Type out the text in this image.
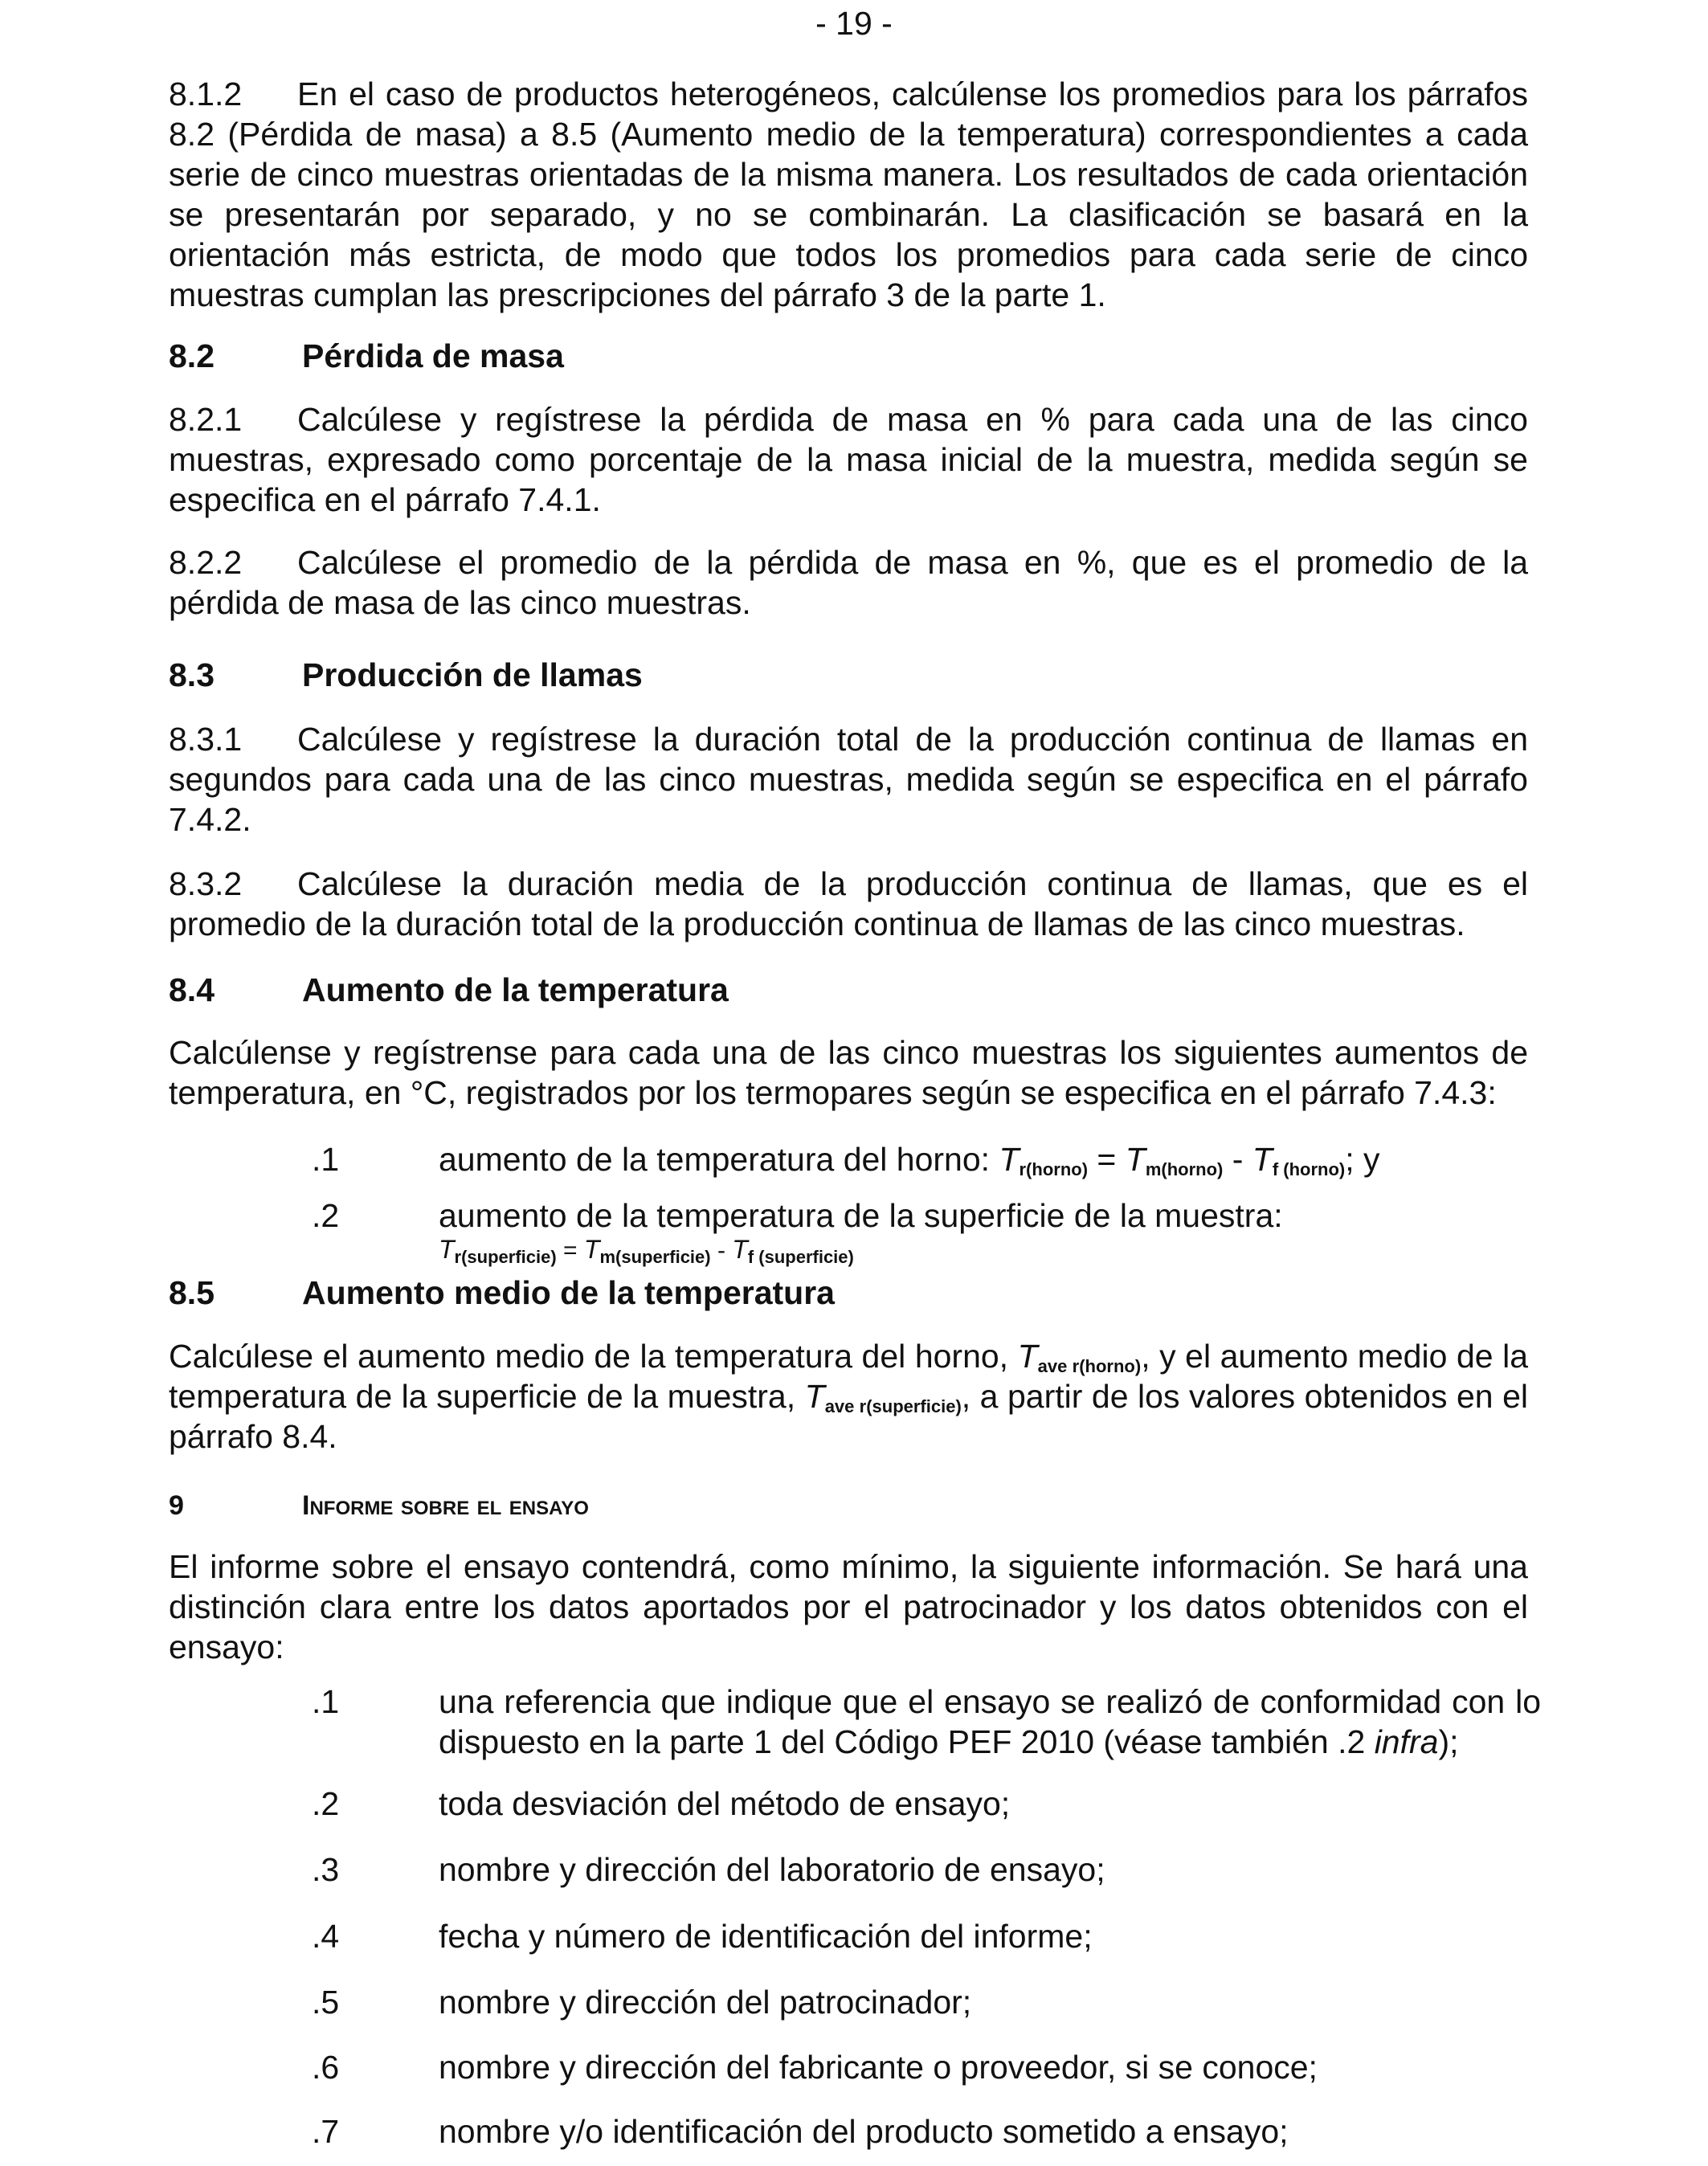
- 19 -

8.1.2 En el caso de productos heterogéneos, calcúlense los promedios para los párrafos 8.2 (Pérdida de masa) a 8.5 (Aumento medio de la temperatura) correspondientes a cada serie de cinco muestras orientadas de la misma manera. Los resultados de cada orientación se presentarán por separado, y no se combinarán. La clasificación se basará en la orientación más estricta, de modo que todos los promedios para cada serie de cinco muestras cumplan las prescripciones del párrafo 3 de la parte 1.

8.2	Pérdida de masa

8.2.1 Calcúlese y regístrese la pérdida de masa en % para cada una de las cinco muestras, expresado como porcentaje de la masa inicial de la muestra, medida según se especifica en el párrafo 7.4.1.

8.2.2 Calcúlese el promedio de la pérdida de masa en %, que es el promedio de la pérdida de masa de las cinco muestras.

8.3	Producción de llamas

8.3.1 Calcúlese y regístrese la duración total de la producción continua de llamas en segundos para cada una de las cinco muestras, medida según se especifica en el párrafo 7.4.2.

8.3.2 Calcúlese la duración media de la producción continua de llamas, que es el promedio de la duración total de la producción continua de llamas de las cinco muestras.

8.4	Aumento de la temperatura

Calcúlense y regístrense para cada una de las cinco muestras los siguientes aumentos de temperatura, en °C, registrados por los termopares según se especifica en el párrafo 7.4.3:

.1	aumento de la temperatura del horno: $T_{r(horno)} = T_{m(horno)} - T_{f (horno)}$; y
.2	aumento de la temperatura de la superficie de la muestra:
$T_{r(superficie)} = T_{m(superficie)} - T_{f (superficie)}$
8.5	Aumento medio de la temperatura

Calcúlese el aumento medio de la temperatura del horno, $T_{ave r(horno)}$, y el aumento medio de la temperatura de la superficie de la muestra, $T_{ave r(superficie)}$, a partir de los valores obtenidos en el párrafo 8.4.

9	Informe sobre el ensayo

El informe sobre el ensayo contendrá, como mínimo, la siguiente información. Se hará una distinción clara entre los datos aportados por el patrocinador y los datos obtenidos con el ensayo:

.1	una referencia que indique que el ensayo se realizó de conformidad con lo dispuesto en la parte 1 del Código PEF 2010 (véase también .2 infra);
.2	toda desviación del método de ensayo;
.3	nombre y dirección del laboratorio de ensayo;
.4	fecha y número de identificación del informe;
.5	nombre y dirección del patrocinador;
.6	nombre y dirección del fabricante o proveedor, si se conoce;
.7	nombre y/o identificación del producto sometido a ensayo;
